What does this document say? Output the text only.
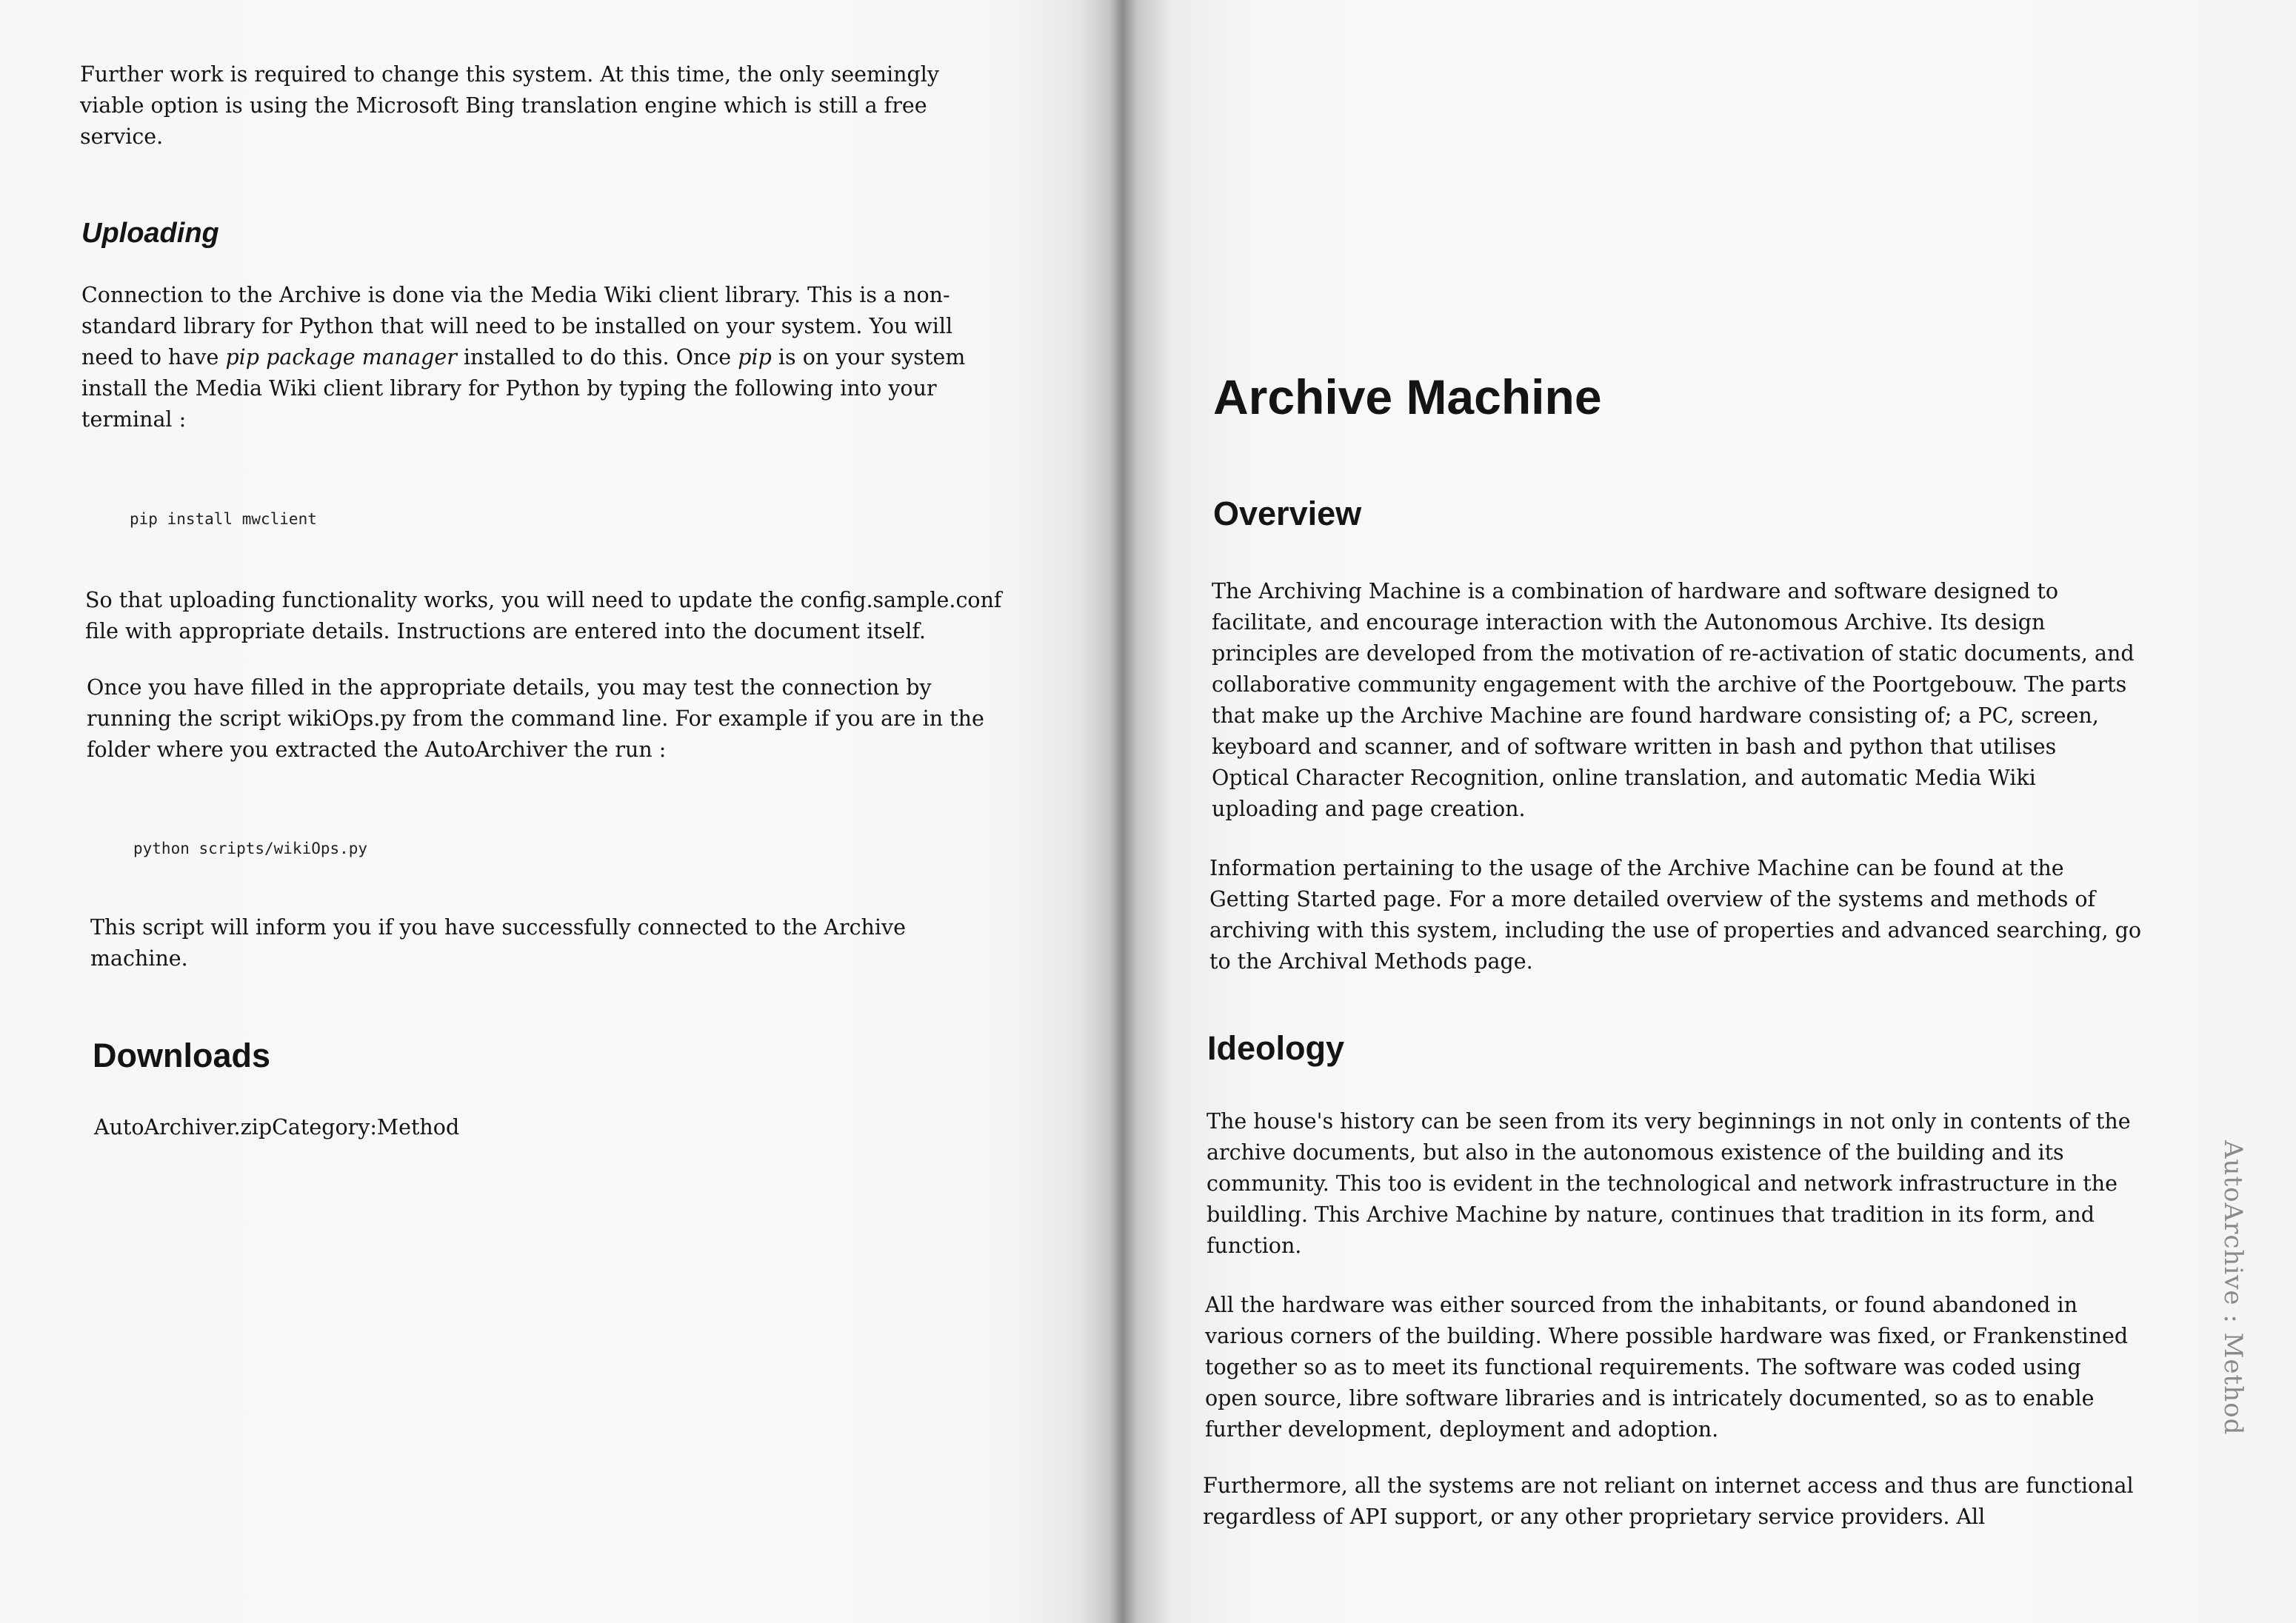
Further work is required to change this system. At this time, the only seemingly viable option is using the Microsoft Bing translation engine which is still a free service.

Uploading

Connection to the Archive is done via the Media Wiki client library. This is a non-standard library for Python that will need to be installed on your system. You will need to have pip package manager installed to do this. Once pip is on your system install the Media Wiki client library for Python by typing the following into your terminal :

pip install mwclient

So that uploading functionality works, you will need to update the config.sample.conf file with appropriate details. Instructions are entered into the document itself.

Once you have filled in the appropriate details, you may test the connection by running the script wikiOps.py from the command line. For example if you are in the folder where you extracted the AutoArchiver the run :

python scripts/wikiOps.py

This script will inform you if you have successfully connected to the Archive machine.

Downloads

AutoArchiver.zipCategory:Method

Archive Machine
Overview

The Archiving Machine is a combination of hardware and software designed to facilitate, and encourage interaction with the Autonomous Archive. Its design principles are developed from the motivation of re-activation of static documents, and collaborative community engagement with the archive of the Poortgebouw. The parts that make up the Archive Machine are found hardware consisting of; a PC, screen, keyboard and scanner, and of software written in bash and python that utilises Optical Character Recognition, online translation, and automatic Media Wiki uploading and page creation.

Information pertaining to the usage of the Archive Machine can be found at the Getting Started page. For a more detailed overview of the systems and methods of archiving with this system, including the use of properties and advanced searching, go to the Archival Methods page.

Ideology

The house's history can be seen from its very beginnings in not only in contents of the archive documents, but also in the autonomous existence of the building and its community. This too is evident in the technological and network infrastructure in the buildling. This Archive Machine by nature, continues that tradition in its form, and function.

All the hardware was either sourced from the inhabitants, or found abandoned in various corners of the building. Where possible hardware was fixed, or Frankenstined together so as to meet its functional requirements. The software was coded using open source, libre software libraries and is intricately documented, so as to enable further development, deployment and adoption.

Furthermore, all the systems are not reliant on internet access and thus are functional regardless of API support, or any other proprietary service providers. All

AutoArchive : Method
